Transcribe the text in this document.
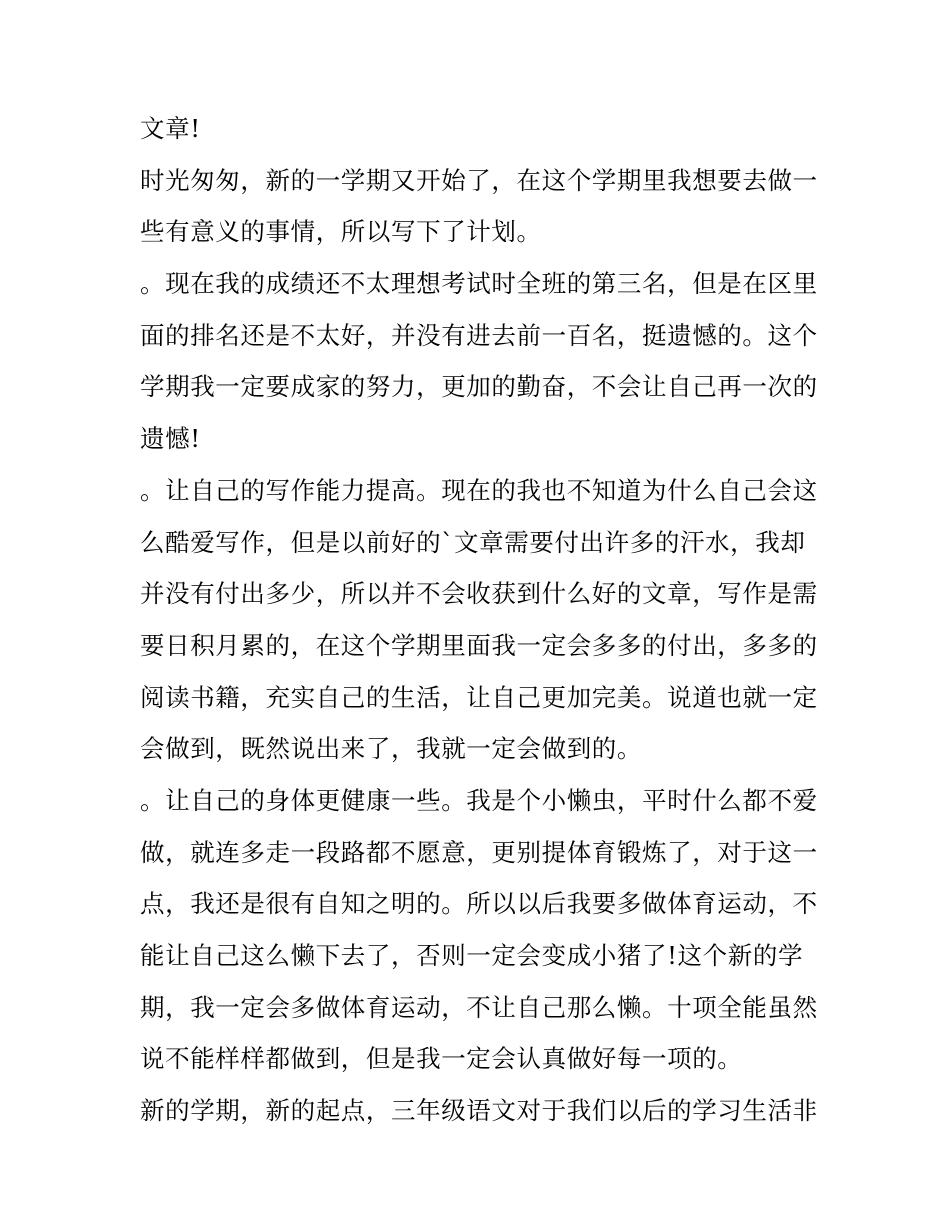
文章!
时光匆匆，新的一学期又开始了，在这个学期里我想要去做一
些有意义的事情，所以写下了计划。
。现在我的成绩还不太理想考试时全班的第三名，但是在区里
面的排名还是不太好，并没有进去前一百名，挺遗憾的。这个
学期我一定要成家的努力，更加的勤奋，不会让自己再一次的
遗憾!
。让自己的写作能力提高。现在的我也不知道为什么自己会这
么酷爱写作，但是以前好的`文章需要付出许多的汗水，我却
并没有付出多少，所以并不会收获到什么好的文章，写作是需
要日积月累的，在这个学期里面我一定会多多的付出，多多的
阅读书籍，充实自己的生活，让自己更加完美。说道也就一定
会做到，既然说出来了，我就一定会做到的。
。让自己的身体更健康一些。我是个小懒虫，平时什么都不爱
做，就连多走一段路都不愿意，更别提体育锻炼了，对于这一
点，我还是很有自知之明的。所以以后我要多做体育运动，不
能让自己这么懒下去了，否则一定会变成小猪了!这个新的学
期，我一定会多做体育运动，不让自己那么懒。十项全能虽然
说不能样样都做到，但是我一定会认真做好每一项的。
新的学期，新的起点，三年级语文对于我们以后的学习生活非
